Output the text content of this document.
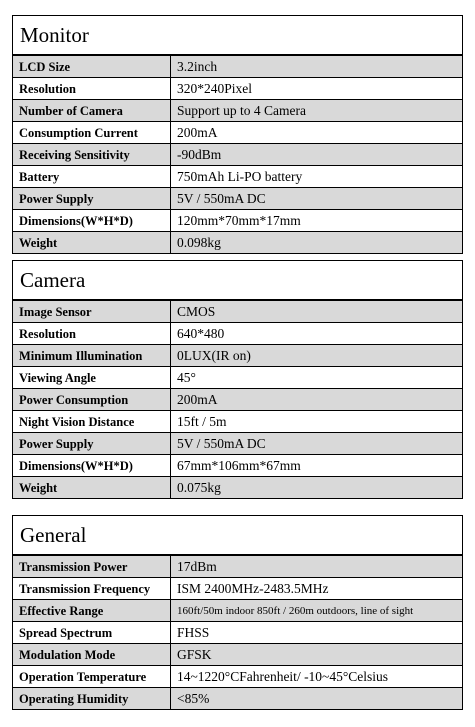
Monitor
LCD Size	3.2inch
Resolution	320*240Pixel
Number of Camera	Support up to 4 Camera
Consumption Current	200mA
Receiving Sensitivity	-90dBm
Battery	750mAh Li-PO battery
Power Supply	5V / 550mA DC
Dimensions(W*H*D)	120mm*70mm*17mm
Weight	0.098kg
Camera
Image Sensor	CMOS
Resolution	640*480
Minimum Illumination	0LUX(IR on)
Viewing Angle	45°
Power Consumption	200mA
Night Vision Distance	15ft / 5m
Power Supply	5V / 550mA DC
Dimensions(W*H*D)	67mm*106mm*67mm
Weight	0.075kg
General
Transmission Power	17dBm
Transmission Frequency	ISM 2400MHz-2483.5MHz
Effective Range	160ft/50m indoor 850ft / 260m outdoors, line of sight
Spread Spectrum	FHSS
Modulation Mode	GFSK
Operation Temperature	14~1220°CFahrenheit/ -10~45°Celsius
Operating Humidity	<85%
